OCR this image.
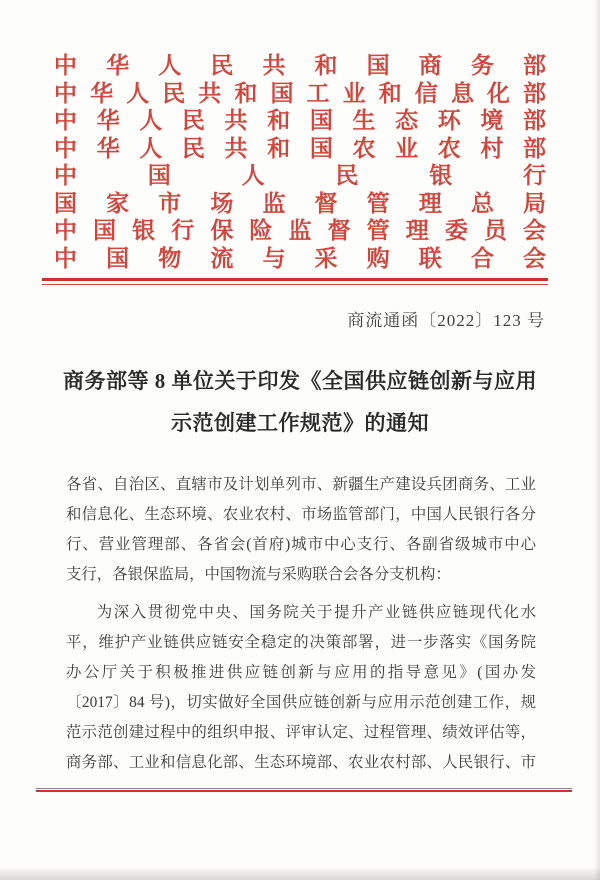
中华人民共和国商务部
中华人民共和国工业和信息化部
中华人民共和国生态环境部
中华人民共和国农业农村部
中国人民银行
国家市场监督管理总局
中国银行保险监督管理委员会
中国物流与采购联合会
商流通函〔2022〕123 号
商务部等 8 单位关于印发《全国供应链创新与应用
示范创建工作规范》的通知
各省、自治区、直辖市及计划单列市、新疆生产建设兵团商务、工业
和信息化、生态环境、农业农村、市场监管部门，中国人民银行各分
行、营业管理部、各省会(首府)城市中心支行、各副省级城市中心
支行，各银保监局，中国物流与采购联合会各分支机构：
为深入贯彻党中央、国务院关于提升产业链供应链现代化水
平，维护产业链供应链安全稳定的决策部署，进一步落实《国务院
办公厅关于积极推进供应链创新与应用的指导意见》(国办发
〔2017〕84 号)，切实做好全国供应链创新与应用示范创建工作，规
范示范创建过程中的组织申报、评审认定、过程管理、绩效评估等，
商务部、工业和信息化部、生态环境部、农业农村部、人民银行、市
